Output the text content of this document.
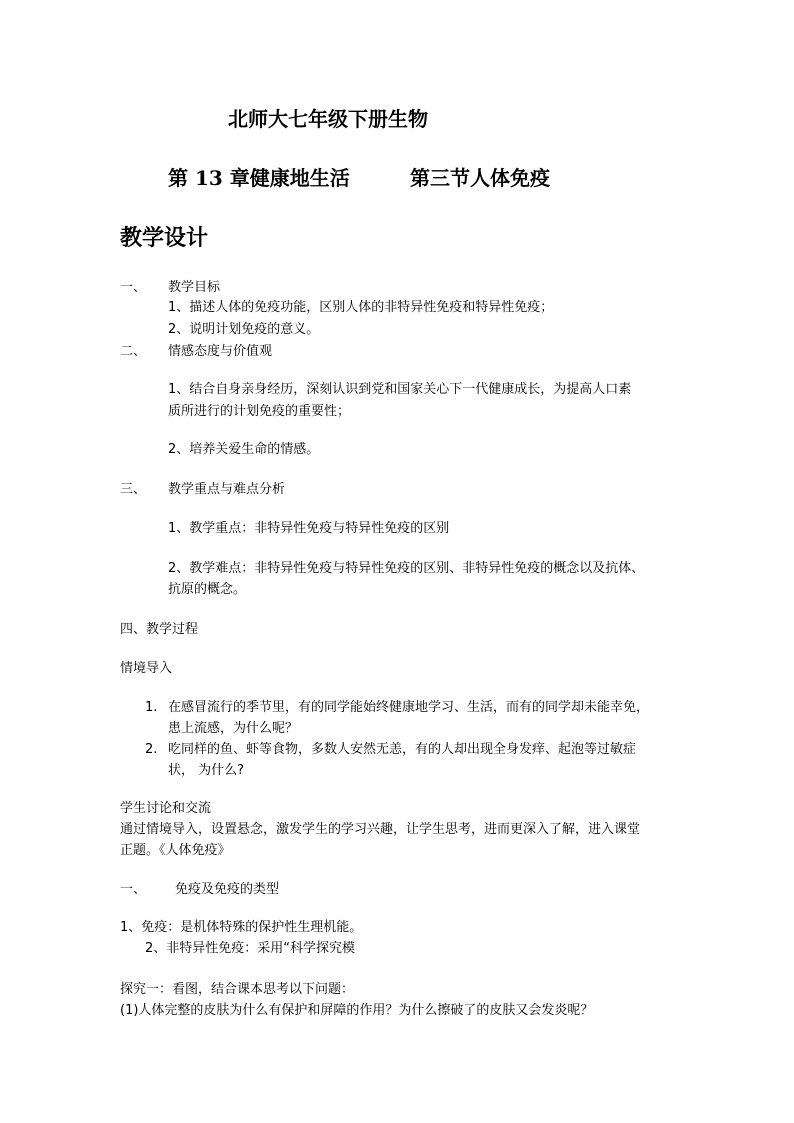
北师大七年级下册生物
第 13 章健康地生活	第三节人体免疫
教学设计
一、 教学目标
1、描述人体的免疫功能，区别人体的非特异性免疫和特异性免疫；
2、说明计划免疫的意义。
二、 情感态度与价值观
1、结合自身亲身经历，深刻认识到党和国家关心下一代健康成长，为提高人口素
质所进行的计划免疫的重要性；
2、培养关爱生命的情感。
三、 教学重点与难点分析
1、教学重点：非特异性免疫与特异性免疫的区别
2、教学难点：非特异性免疫与特异性免疫的区别、非特异性免疫的概念以及抗体、
抗原的概念。
四、教学过程
情境导入
1. 在感冒流行的季节里，有的同学能始终健康地学习、生活，而有的同学却未能幸免，
患上流感，为什么呢？
2. 吃同样的鱼、虾等食物，多数人安然无恙，有的人却出现全身发痒、起泡等过敏症
状， 为什么?
学生讨论和交流
通过情境导入，设置悬念，激发学生的学习兴趣，让学生思考，进而更深入了解，进入课堂
正题。《人体免疫》
一、 免疫及免疫的类型
1、免疫：是机体特殊的保护性生理机能。
2、非特异性免疫：采用“科学探究模
探究一：看图，结合课本思考以下问题：
(1)人体完整的皮肤为什么有保护和屏障的作用？为什么擦破了的皮肤又会发炎呢？
